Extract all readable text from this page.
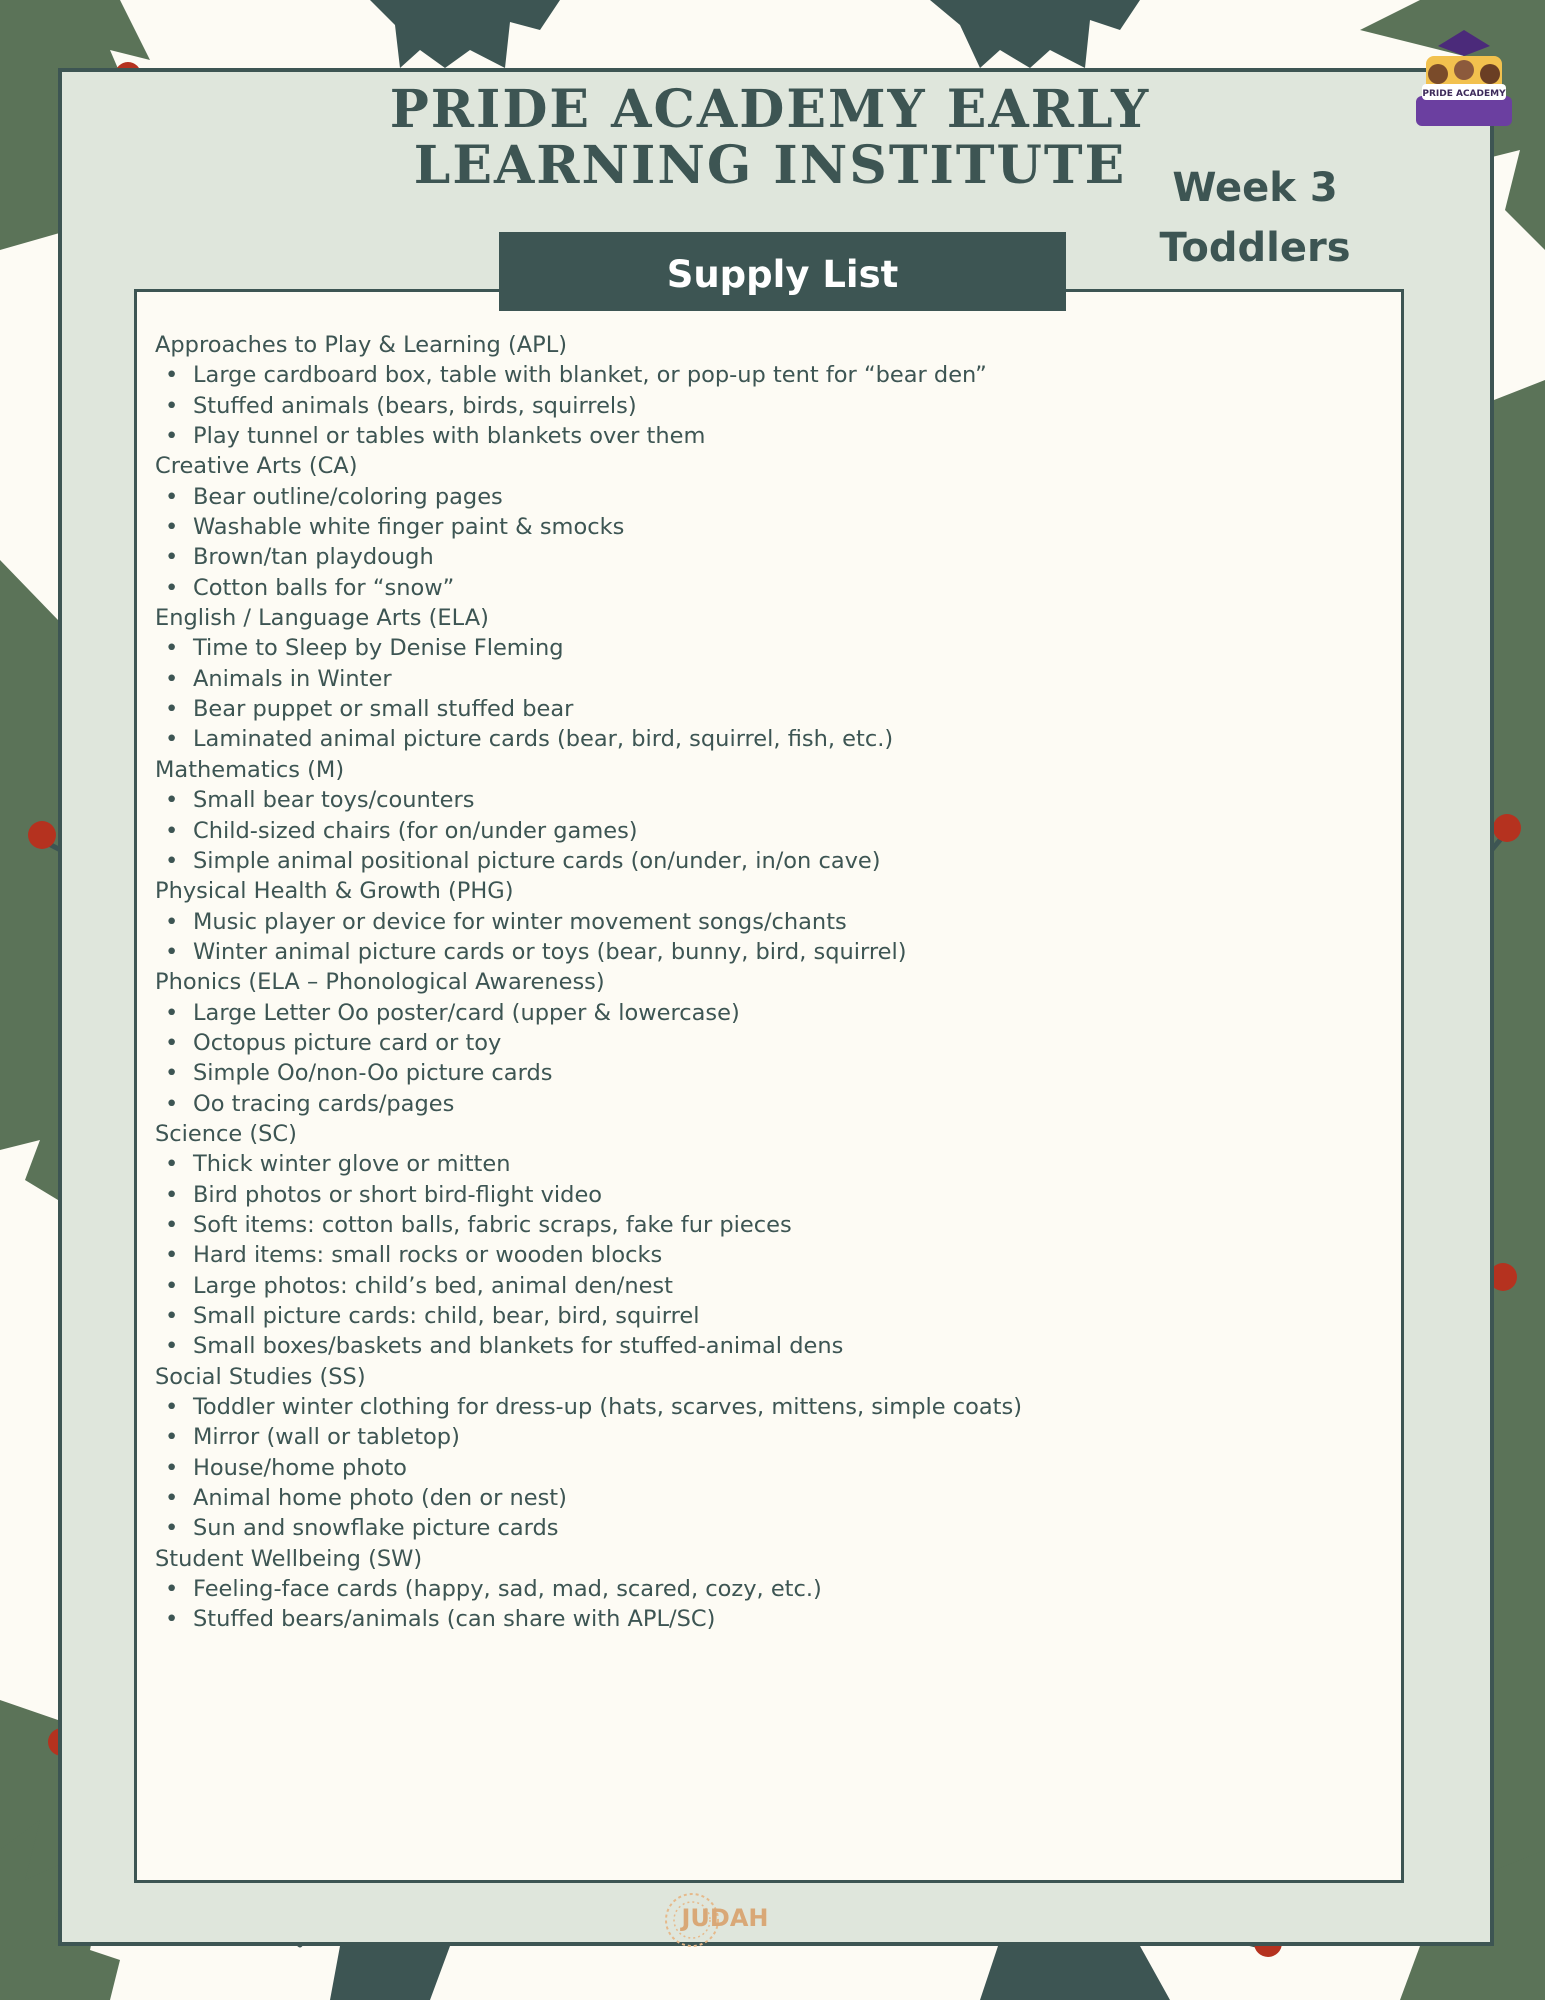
PRIDE ACADEMY EARLY
LEARNING INSTITUTE	Week 3
Toddlers
PRIDE ACADEMY
Supply List
Approaches to Play & Learning (APL)
• Large cardboard box, table with blanket, or pop-up tent for “bear den”
• Stuffed animals (bears, birds, squirrels)
• Play tunnel or tables with blankets over them
Creative Arts (CA)
• Bear outline/coloring pages
• Washable white finger paint & smocks
• Brown/tan playdough
• Cotton balls for “snow”
English / Language Arts (ELA)
• Time to Sleep by Denise Fleming
• Animals in Winter
• Bear puppet or small stuffed bear
• Laminated animal picture cards (bear, bird, squirrel, fish, etc.)
Mathematics (M)
• Small bear toys/counters
• Child-sized chairs (for on/under games)
• Simple animal positional picture cards (on/under, in/on cave)
Physical Health & Growth (PHG)
• Music player or device for winter movement songs/chants
• Winter animal picture cards or toys (bear, bunny, bird, squirrel)
Phonics (ELA – Phonological Awareness)
• Large Letter Oo poster/card (upper & lowercase)
• Octopus picture card or toy
• Simple Oo/non-Oo picture cards
• Oo tracing cards/pages
Science (SC)
• Thick winter glove or mitten
• Bird photos or short bird-flight video
• Soft items: cotton balls, fabric scraps, fake fur pieces
• Hard items: small rocks or wooden blocks
• Large photos: child’s bed, animal den/nest
• Small picture cards: child, bear, bird, squirrel
• Small boxes/baskets and blankets for stuffed-animal dens
Social Studies (SS)
• Toddler winter clothing for dress-up (hats, scarves, mittens, simple coats)
• Mirror (wall or tabletop)
• House/home photo
• Animal home photo (den or nest)
• Sun and snowflake picture cards
Student Wellbeing (SW)
• Feeling-face cards (happy, sad, mad, scared, cozy, etc.)
• Stuffed bears/animals (can share with APL/SC)
JUDAH
